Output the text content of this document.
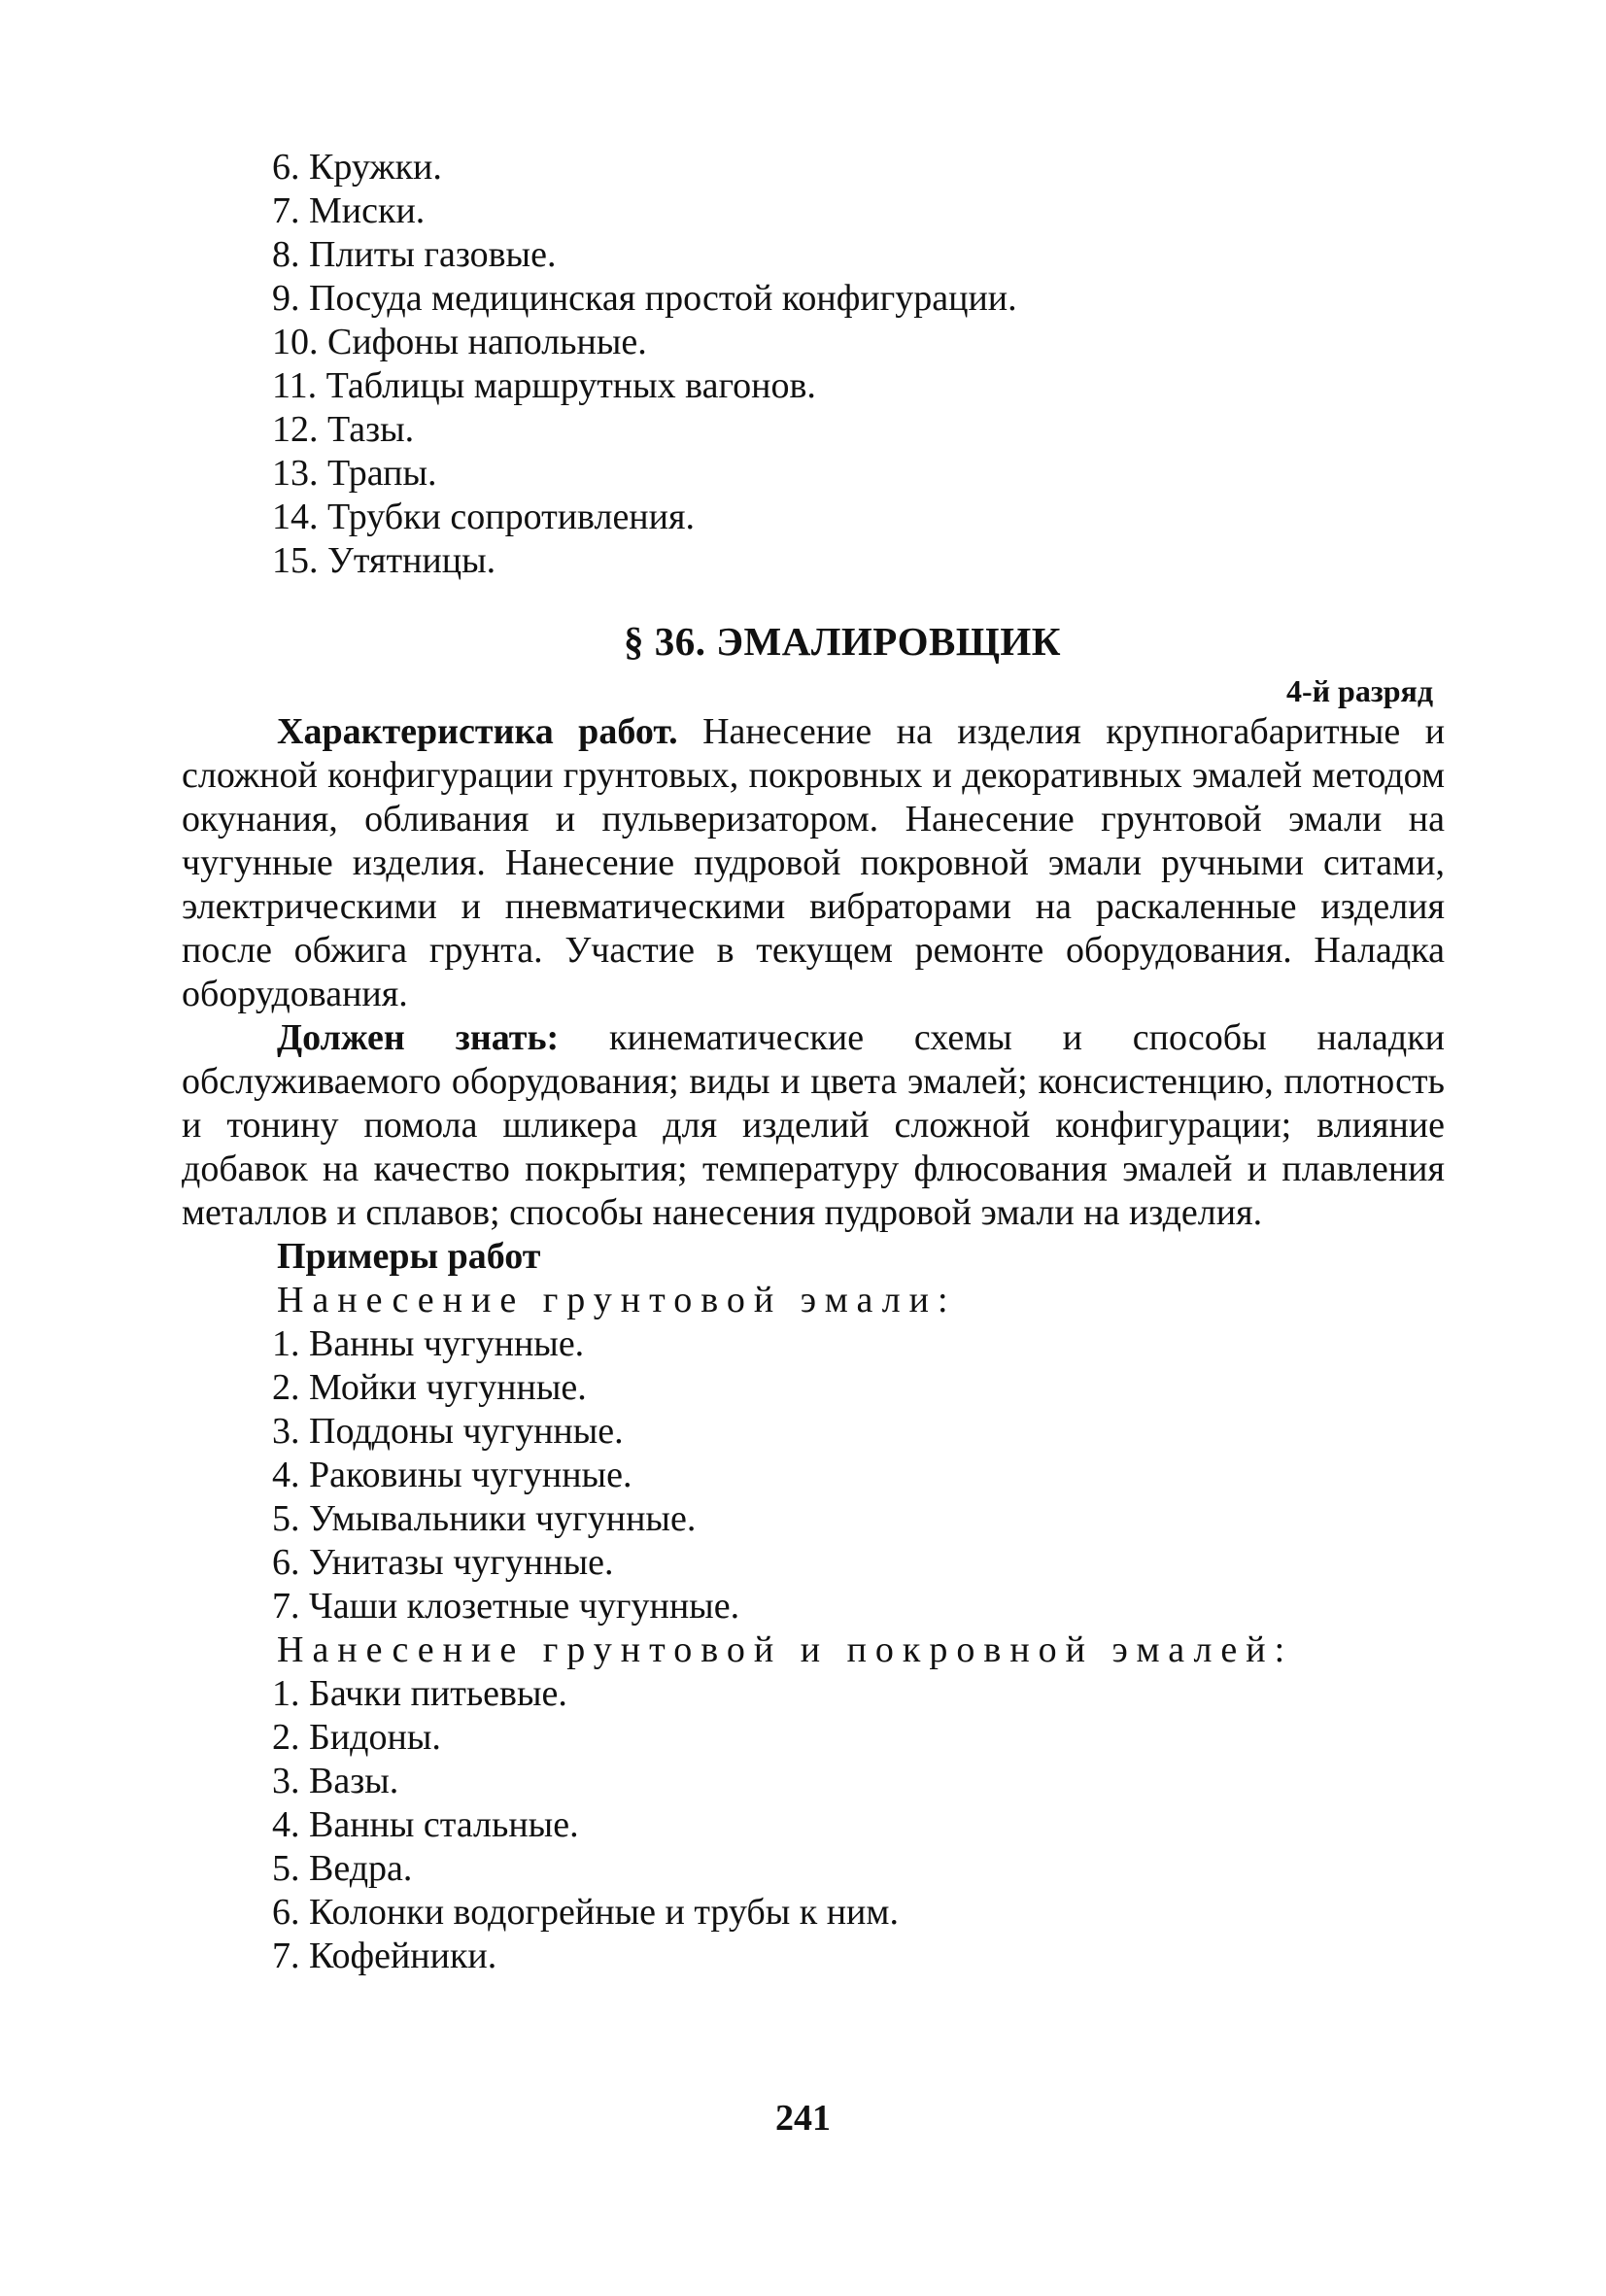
6. Кружки.
7. Миски.
8. Плиты газовые.
9. Посуда медицинская простой конфигурации.
10. Сифоны напольные.
11. Таблицы маршрутных вагонов.
12. Тазы.
13. Трапы.
14. Трубки сопротивления.
15. Утятницы.
§ 36. ЭМАЛИРОВЩИК
4-й разряд

Характеристика работ. Нанесение на изделия крупногабаритные и сложной конфигурации грунтовых, покровных и декоративных эмалей методом окунания, обливания и пульверизатором. Нанесение грунтовой эмали на чугунные изделия. Нанесение пудровой покровной эмали ручными ситами, электрическими и пневматическими вибраторами на раскаленные изделия после обжига грунта. Участие в текущем ремонте оборудования. Наладка оборудования.

Должен знать: кинематические схемы и способы наладки обслуживаемого оборудования; виды и цвета эмалей; консистенцию, плотность и тонину помола шликера для изделий сложной конфигурации; влияние добавок на качество покрытия; температуру флюсования эмалей и плавления металлов и сплавов; способы нанесения пудровой эмали на изделия.

Примеры работ
Нанесение грунтовой эмали:
1. Ванны чугунные.
2. Мойки чугунные.
3. Поддоны чугунные.
4. Раковины чугунные.
5. Умывальники чугунные.
6. Унитазы чугунные.
7. Чаши клозетные чугунные.
Нанесение грунтовой и покровной эмалей:
1. Бачки питьевые.
2. Бидоны.
3. Вазы.
4. Ванны стальные.
5. Ведра.
6. Колонки водогрейные и трубы к ним.
7. Кофейники.
241
